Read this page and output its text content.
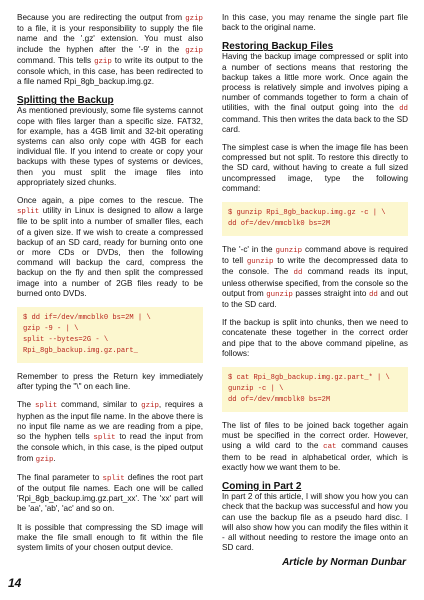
Because you are redirecting the output from gzip to a file, it is your responsibility to supply the file name and the '.gz' extension. You must also include the hyphen after the '-9' in the gzip command. This tells gzip to write its output to the console which, in this case, has been redirected to a file named Rpi_8gb_backup.img.gz.
Splitting the Backup
As mentioned previously, some file systems cannot cope with files larger than a specific size. FAT32, for example, has a 4GB limit and 32-bit operating systems can also only cope with 4GB for each individual file. If you intend to create or copy your backups with these types of systems or devices, then you must split the image files into appropriately sized chunks.
Once again, a pipe comes to the rescue. The split utility in Linux is designed to allow a large file to be split into a number of smaller files, each of a given size. If we wish to create a compressed backup of an SD card, ready for burning onto one or more CDs or DVDs, then the following command will backup the card, compress the backup on the fly and then split the compressed image into a number of 2GB files ready to be burned onto DVDs.
$ dd if=/dev/mmcblk0 bs=2M | \
gzip -9 - | \
split --bytes=2G - \
Rpi_8gb_backup.img.gz.part_
Remember to press the Return key immediately after typing the "\" on each line.
The split command, similar to gzip, requires a hyphen as the input file name. In the above there is no input file name as we are reading from a pipe, so the hyphen tells split to read the input from the console which, in this case, is the piped output from gzip.
The final parameter to split defines the root part of the output file names. Each one will be called 'Rpi_8gb_backup.img.gz.part_xx'. The 'xx' part will be 'aa', 'ab', 'ac' and so on.
It is possible that compressing the SD image will make the file small enough to fit within the file system limits of your chosen output device.
In this case, you may rename the single part file back to the original name.
Restoring Backup Files
Having the backup image compressed or split into a number of sections means that restoring the backup takes a little more work. Once again the process is relatively simple and involves piping a number of commands together to form a chain of utilities, with the final output going into the dd command. This then writes the data back to the SD card.
The simplest case is when the image file has been compressed but not split. To restore this directly to the SD card, without having to create a full sized uncompressed image, type the following command:
$ gunzip Rpi_8gb_backup.img.gz -c | \
dd of=/dev/mmcblk0 bs=2M
The '-c' in the gunzip command above is required to tell gunzip to write the decompressed data to the console. The dd command reads its input, unless otherwise specified, from the console so the output from gunzip passes straight into dd and out to the SD card.
If the backup is split into chunks, then we need to concatenate these together in the correct order and pipe that to the above command pipeline, as follows:
$ cat Rpi_8gb_backup.img.gz.part_* | \
gunzip -c | \
dd of=/dev/mmcblk0 bs=2M
The list of files to be joined back together again must be specified in the correct order. However, using a wild card to the cat command causes them to be read in alphabetical order, which is exactly how we want them to be.
Coming in Part 2
In part 2 of this article, I will show you how you can check that the backup was successful and how you can use the backup file as a pseudo hard disc. I will also show how you can modify the files within it - all without needing to restore the image onto an SD card.
Article by Norman Dunbar
14
